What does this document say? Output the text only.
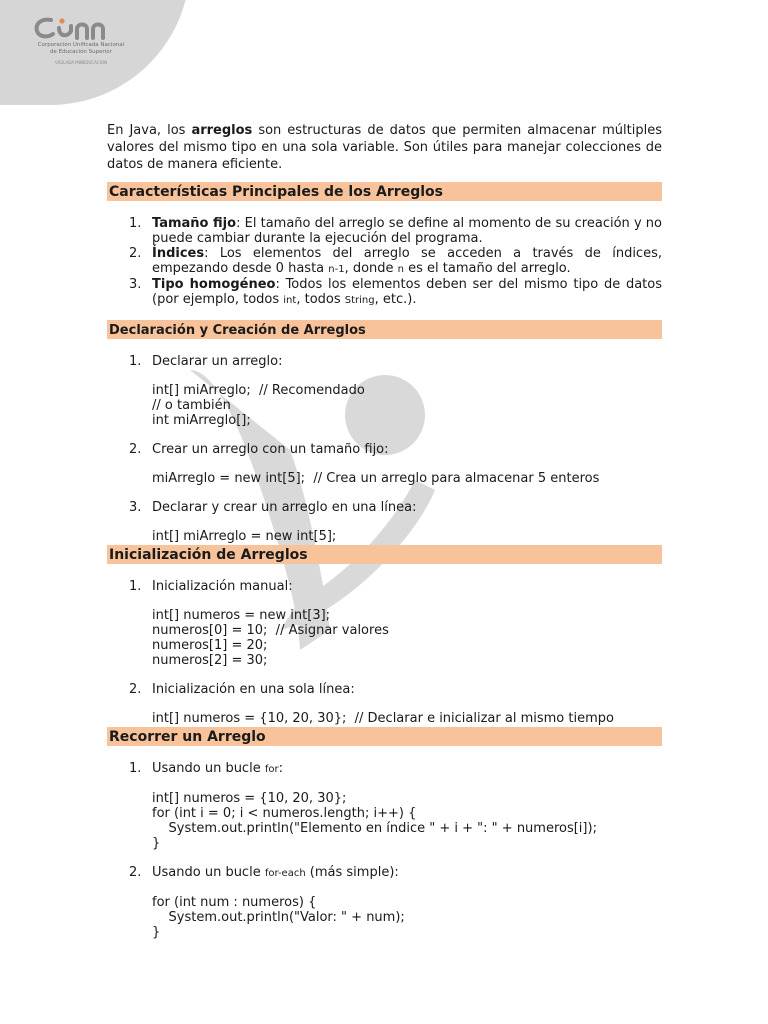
Corporación Unificada Nacional
de Educación Superior
VIGILADA MINEDUCACIÓN

En Java, los arreglos son estructuras de datos que permiten almacenar múltiples valores del mismo tipo en una sola variable. Son útiles para manejar colecciones de datos de manera eficiente.

Características Principales de los Arreglos
1. Tamaño fijo: El tamaño del arreglo se define al momento de su creación y no puede cambiar durante la ejecución del programa.
2. Índices: Los elementos del arreglo se acceden a través de índices, empezando desde 0 hasta n-1, donde n es el tamaño del arreglo.
3. Tipo homogéneo: Todos los elementos deben ser del mismo tipo de datos (por ejemplo, todos int, todos String, etc.).
Declaración y Creación de Arreglos
1. Declarar un arreglo:
int[] miArreglo;  // Recomendado
// o también
int miArreglo[];
2. Crear un arreglo con un tamaño fijo:
miArreglo = new int[5];  // Crea un arreglo para almacenar 5 enteros
3. Declarar y crear un arreglo en una línea:
int[] miArreglo = new int[5];
Inicialización de Arreglos
1. Inicialización manual:
int[] numeros = new int[3];
numeros[0] = 10;  // Asignar valores
numeros[1] = 20;
numeros[2] = 30;
2. Inicialización en una sola línea:
int[] numeros = {10, 20, 30};  // Declarar e inicializar al mismo tiempo
Recorrer un Arreglo
1. Usando un bucle for:
int[] numeros = {10, 20, 30};
for (int i = 0; i < numeros.length; i++) {
System.out.println("Elemento en índice " + i + ": " + numeros[i]);
}
2. Usando un bucle for-each (más simple):
for (int num : numeros) {
System.out.println("Valor: " + num);
}
